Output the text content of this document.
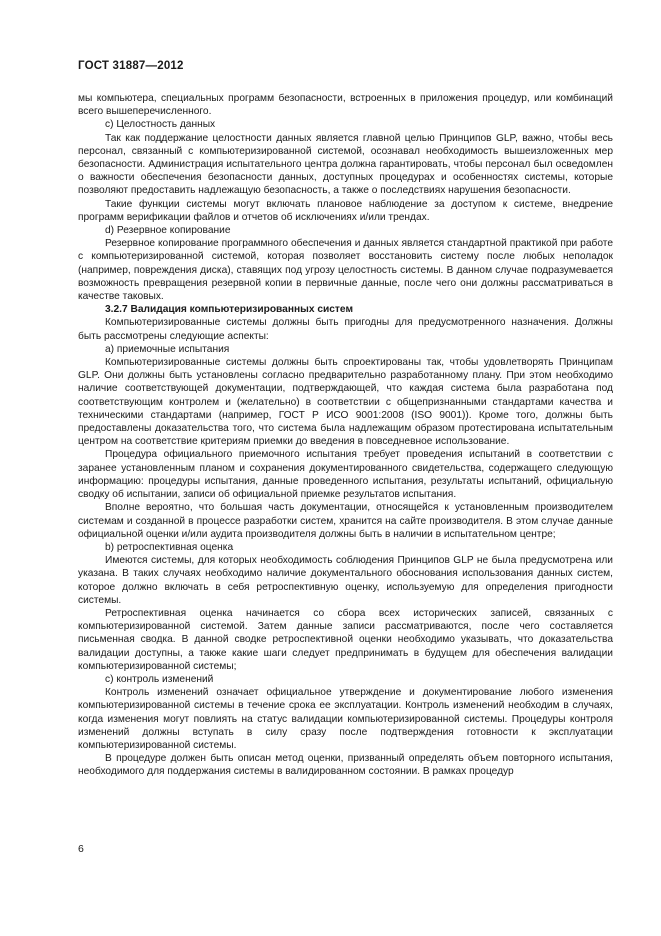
ГОСТ 31887—2012

мы компьютера, специальных программ безопасности, встроенных в приложения процедур, или комбинаций всего вышеперечисленного.

c) Целостность данных

Так как поддержание целостности данных является главной целью Принципов GLP, важно, чтобы весь персонал, связанный с компьютеризированной системой, осознавал необходимость вышеизложенных мер безопасности. Администрация испытательного центра должна гарантировать, чтобы персонал был осведомлен о важности обеспечения безопасности данных, доступных процедурах и особенностях системы, которые позволяют предоставить надлежащую безопасность, а также о последствиях нарушения безопасности.

Такие функции системы могут включать плановое наблюдение за доступом к системе, внедрение программ верификации файлов и отчетов об исключениях и/или трендах.

d) Резервное копирование

Резервное копирование программного обеспечения и данных является стандартной практикой при работе с компьютеризированной системой, которая позволяет восстановить систему после любых неполадок (например, повреждения диска), ставящих под угрозу целостность системы. В данном случае подразумевается возможность превращения резервной копии в первичные данные, после чего они должны рассматриваться в качестве таковых.

3.2.7 Валидация компьютеризированных систем

Компьютеризированные системы должны быть пригодны для предусмотренного назначения. Должны быть рассмотрены следующие аспекты:

a) приемочные испытания

Компьютеризированные системы должны быть спроектированы так, чтобы удовлетворять Принципам GLP. Они должны быть установлены согласно предварительно разработанному плану. При этом необходимо наличие соответствующей документации, подтверждающей, что каждая система была разработана под соответствующим контролем и (желательно) в соответствии с общепризнанными стандартами качества и техническими стандартами (например, ГОСТ Р ИСО 9001:2008 (ISO 9001)). Кроме того, должны быть предоставлены доказательства того, что система была надлежащим образом протестирована испытательным центром на соответствие критериям приемки до введения в повседневное использование.

Процедура официального приемочного испытания требует проведения испытаний в соответствии с заранее установленным планом и сохранения документированного свидетельства, содержащего следующую информацию: процедуры испытания, данные проведенного испытания, результаты испытаний, официальную сводку об испытании, записи об официальной приемке результатов испытания.

Вполне вероятно, что большая часть документации, относящейся к установленным производителем системам и созданной в процессе разработки систем, хранится на сайте производителя. В этом случае данные официальной оценки и/или аудита производителя должны быть в наличии в испытательном центре;

b) ретроспективная оценка

Имеются системы, для которых необходимость соблюдения Принципов GLP не была предусмотрена или указана. В таких случаях необходимо наличие документального обоснования использования данных систем, которое должно включать в себя ретроспективную оценку, используемую для определения пригодности системы.

Ретроспективная оценка начинается со сбора всех исторических записей, связанных с компьютеризированной системой. Затем данные записи рассматриваются, после чего составляется письменная сводка. В данной сводке ретроспективной оценки необходимо указывать, что доказательства валидации доступны, а также какие шаги следует предпринимать в будущем для обеспечения валидации компьютеризированной системы;

c) контроль изменений

Контроль изменений означает официальное утверждение и документирование любого изменения компьютеризированной системы в течение срока ее эксплуатации. Контроль изменений необходим в случаях, когда изменения могут повлиять на статус валидации компьютеризированной системы. Процедуры контроля изменений должны вступать в силу сразу после подтверждения готовности к эксплуатации компьютеризированной системы.

В процедуре должен быть описан метод оценки, призванный определять объем повторного испытания, необходимого для поддержания системы в валидированном состоянии. В рамках процедур

6
